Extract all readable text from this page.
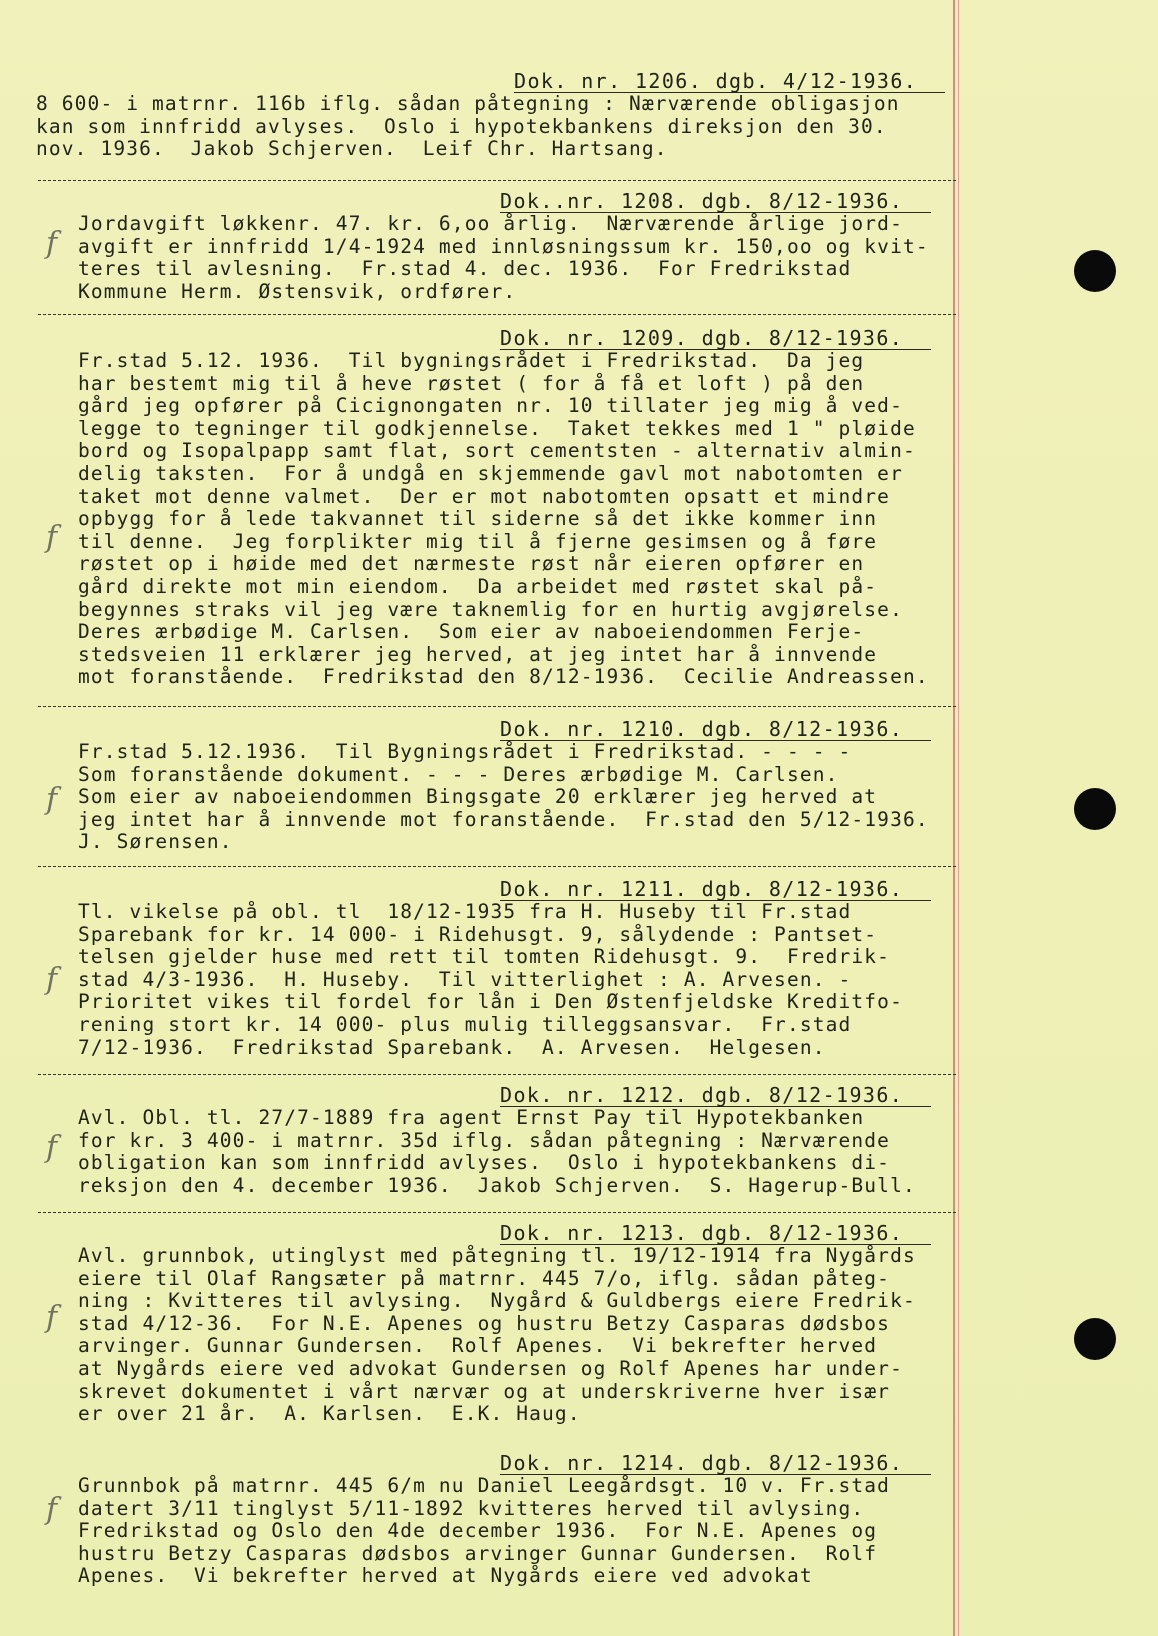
Dok. nr. 1206. dgb. 4/12-1936.
8 600- i matrnr. 116b iflg. sådan påtegning : Nærværende obligasjon
kan som innfridd avlyses.  Oslo i hypotekbankens direksjon den 30.
nov. 1936.  Jakob Schjerven.  Leif Chr. Hartsang.
Dok..nr. 1208. dgb. 8/12-1936.
Jordavgift løkkenr. 47. kr. 6,oo årlig.  Nærværende årlige jord-
avgift er innfridd 1/4-1924 med innløsningssum kr. 150,oo og kvit-
teres til avlesning.  Fr.stad 4. dec. 1936.  For Fredrikstad
Kommune Herm. Østensvik, ordfører.
f
Dok. nr. 1209. dgb. 8/12-1936.
Fr.stad 5.12. 1936.  Til bygningsrådet i Fredrikstad.  Da jeg
har bestemt mig til å heve røstet ( for å få et loft ) på den
gård jeg opfører på Cicignongaten nr. 10 tillater jeg mig å ved-
legge to tegninger til godkjennelse.  Taket tekkes med 1 " pløide
bord og Isopalpapp samt flat, sort cementsten - alternativ almin-
delig taksten.  For å undgå en skjemmende gavl mot nabotomten er
taket mot denne valmet.  Der er mot nabotomten opsatt et mindre
opbygg for å lede takvannet til siderne så det ikke kommer inn
til denne.  Jeg forplikter mig til å fjerne gesimsen og å føre
røstet op i høide med det nærmeste røst når eieren opfører en
gård direkte mot min eiendom.  Da arbeidet med røstet skal på-
begynnes straks vil jeg være taknemlig for en hurtig avgjørelse.
Deres ærbødige M. Carlsen.  Som eier av naboeiendommen Ferje-
stedsveien 11 erklærer jeg herved, at jeg intet har å innvende
mot foranstående.  Fredrikstad den 8/12-1936.  Cecilie Andreassen.
f
Dok. nr. 1210. dgb. 8/12-1936.
Fr.stad 5.12.1936.  Til Bygningsrådet i Fredrikstad. - - - -
Som foranstående dokument. - - - Deres ærbødige M. Carlsen.
Som eier av naboeiendommen Bingsgate 20 erklærer jeg herved at
jeg intet har å innvende mot foranstående.  Fr.stad den 5/12-1936.
J. Sørensen.
f
Dok. nr. 1211. dgb. 8/12-1936.
Tl. vikelse på obl. tl  18/12-1935 fra H. Huseby til Fr.stad
Sparebank for kr. 14 000- i Ridehusgt. 9, sålydende : Pantset-
telsen gjelder huse med rett til tomten Ridehusgt. 9.  Fredrik-
stad 4/3-1936.  H. Huseby.  Til vitterlighet : A. Arvesen. -
Prioritet vikes til fordel for lån i Den Østenfjeldske Kreditfo-
rening stort kr. 14 000- plus mulig tilleggsansvar.  Fr.stad
7/12-1936.  Fredrikstad Sparebank.  A. Arvesen.  Helgesen.
f
Dok. nr. 1212. dgb. 8/12-1936.
Avl. Obl. tl. 27/7-1889 fra agent Ernst Pay til Hypotekbanken
for kr. 3 400- i matrnr. 35d iflg. sådan påtegning : Nærværende
obligation kan som innfridd avlyses.  Oslo i hypotekbankens di-
reksjon den 4. december 1936.  Jakob Schjerven.  S. Hagerup-Bull.
f
Dok. nr. 1213. dgb. 8/12-1936.
Avl. grunnbok, utinglyst med påtegning tl. 19/12-1914 fra Nygårds
eiere til Olaf Rangsæter på matrnr. 445 7/o, iflg. sådan påteg-
ning : Kvitteres til avlysing.  Nygård & Guldbergs eiere Fredrik-
stad 4/12-36.  For N.E. Apenes og hustru Betzy Casparas dødsbos
arvinger. Gunnar Gundersen.  Rolf Apenes.  Vi bekrefter herved
at Nygårds eiere ved advokat Gundersen og Rolf Apenes har under-
skrevet dokumentet i vårt nærvær og at underskriverne hver især
er over 21 år.  A. Karlsen.  E.K. Haug.
f
Dok. nr. 1214. dgb. 8/12-1936.
Grunnbok på matrnr. 445 6/m nu Daniel Leegårdsgt. 10 v. Fr.stad
datert 3/11 tinglyst 5/11-1892 kvitteres herved til avlysing.
Fredrikstad og Oslo den 4de december 1936.  For N.E. Apenes og
hustru Betzy Casparas dødsbos arvinger Gunnar Gundersen.  Rolf
Apenes.  Vi bekrefter herved at Nygårds eiere ved advokat
f
